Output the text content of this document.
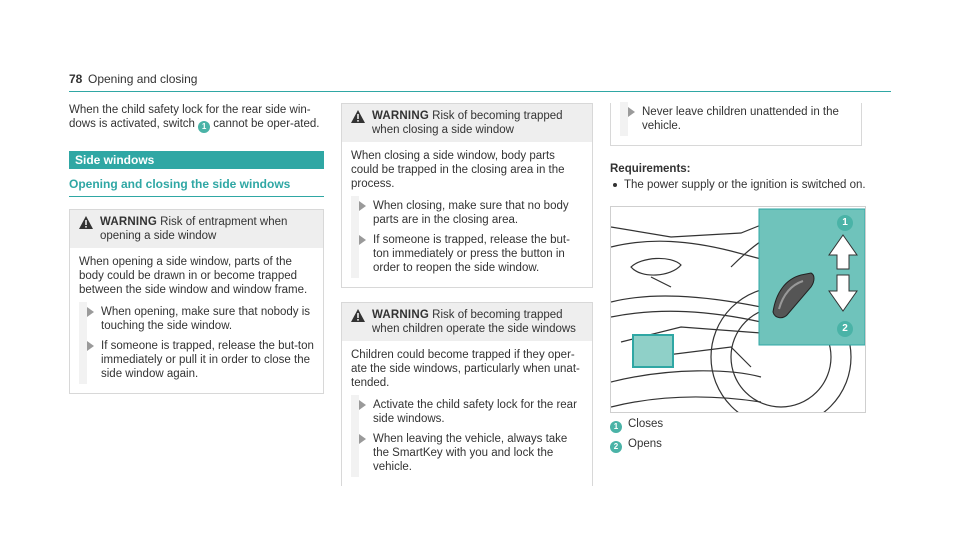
78 Opening and closing

When the child safety lock for the rear side win-dows is activated, switch 1 cannot be oper-ated.

Side windows
Opening and closing the side windows
WARNING Risk of entrapment when opening a side window

When opening a side window, parts of the body could be drawn in or become trapped between the side window and window frame.

When opening, make sure that nobody is touching the side window.
If someone is trapped, release the but-ton immediately or pull it in order to close the side window again.
WARNING Risk of becoming trapped when closing a side window

When closing a side window, body parts could be trapped in the closing area in the process.

When closing, make sure that no body parts are in the closing area.
If someone is trapped, release the but-ton immediately or press the button in order to reopen the side window.
WARNING Risk of becoming trapped when children operate the side windows

Children could become trapped if they oper-ate the side windows, particularly when unat-tended.

Activate the child safety lock for the rear side windows.
When leaving the vehicle, always take the SmartKey with you and lock the vehicle.
Never leave children unattended in the vehicle.
Requirements:
The power supply or the ignition is switched on.
1
2
1 Closes
2 Opens
